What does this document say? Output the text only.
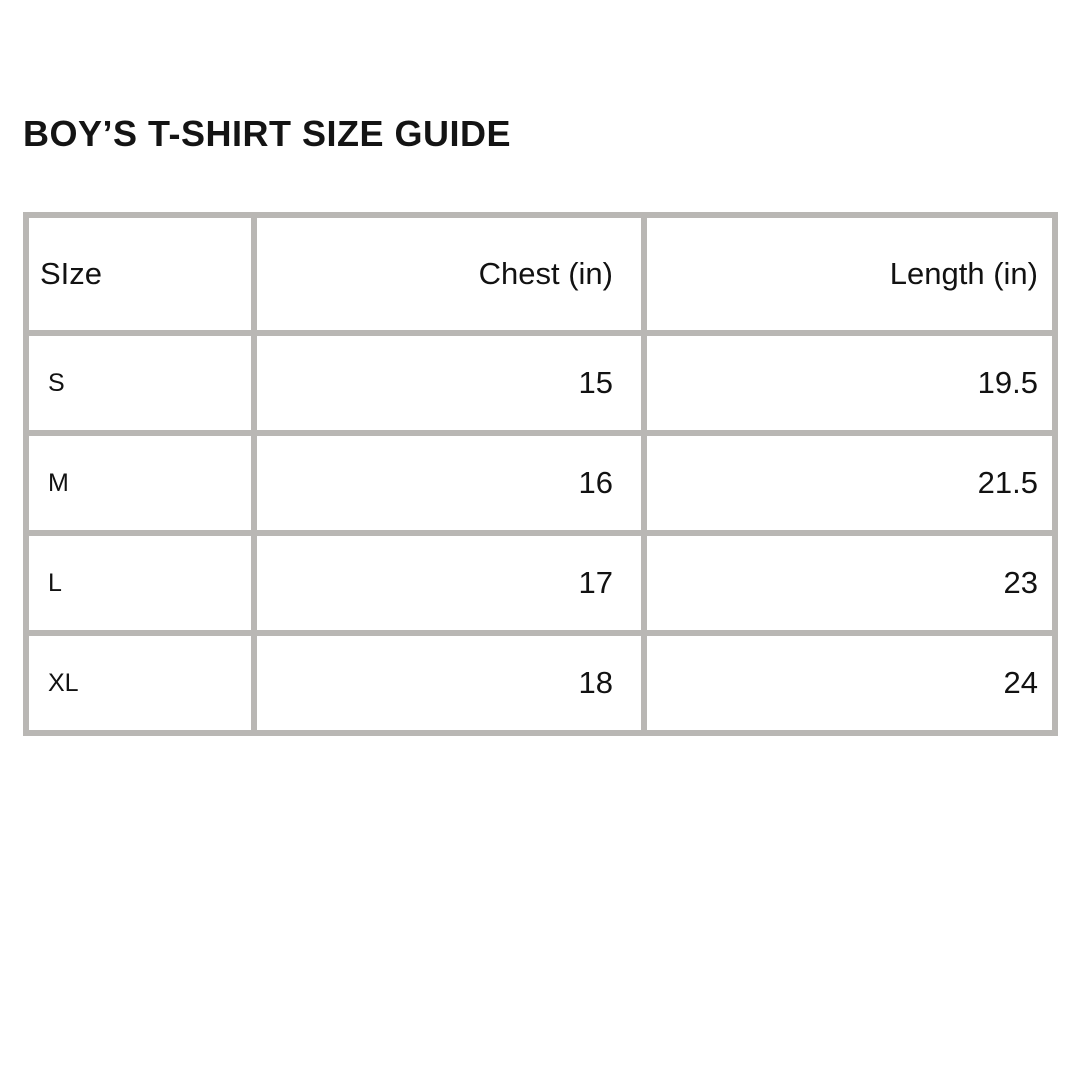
BOY’S T-SHIRT SIZE GUIDE
SIze	Chest (in)	Length (in)
S	15	19.5
M	16	21.5
L	17	23
XL	18	24
